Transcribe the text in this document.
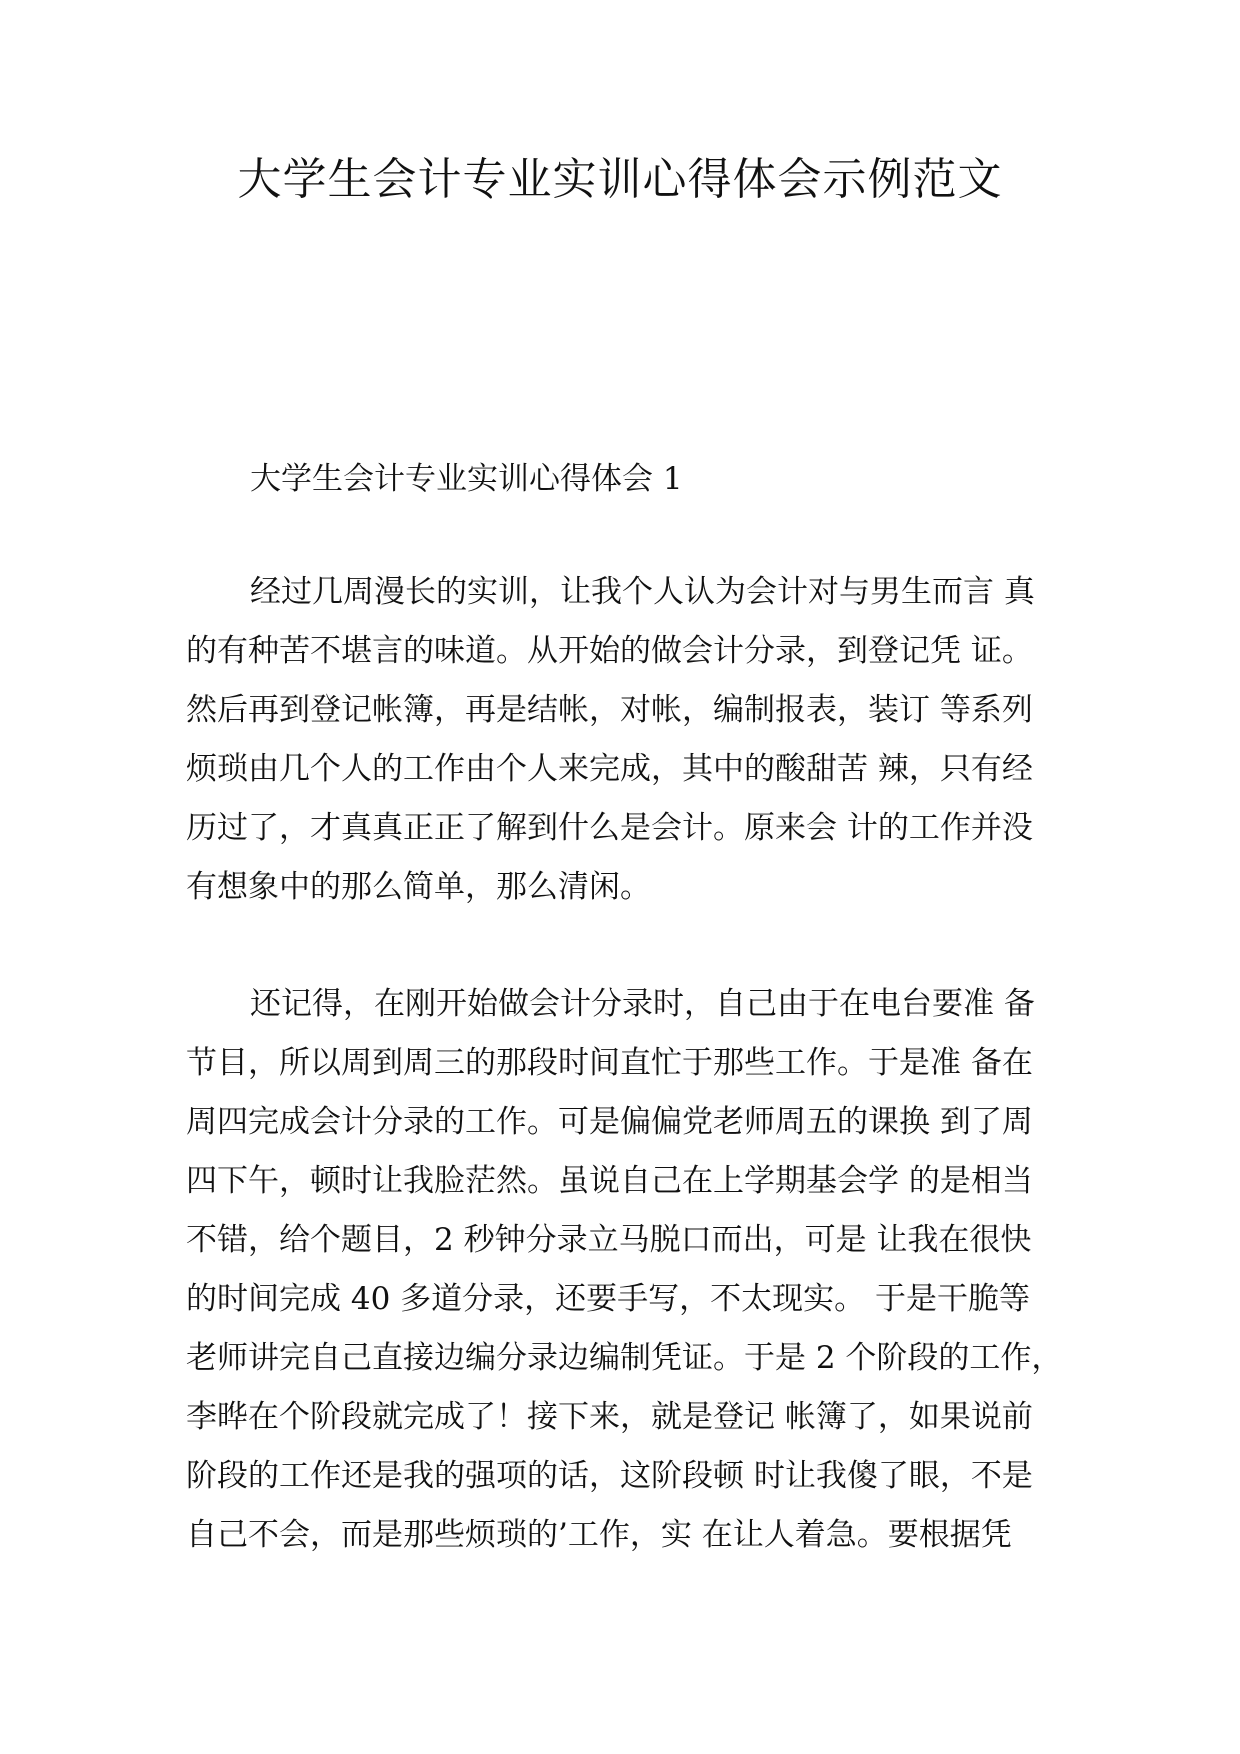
大学生会计专业实训心得体会示例范文
大学生会计专业实训心得体会 1
经过几周漫长的实训，让我个人认为会计对与男生而言 真
的有种苦不堪言的味道。从开始的做会计分录，到登记凭 证。
然后再到登记帐簿，再是结帐，对帐，编制报表，装订 等系列
烦琐由几个人的工作由个人来完成，其中的酸甜苦 辣，只有经
历过了，才真真正正了解到什么是会计。原来会 计的工作并没
有想象中的那么简单，那么清闲。
还记得，在刚开始做会计分录时，自己由于在电台要准 备
节目，所以周到周三的那段时间直忙于那些工作。于是准 备在
周四完成会计分录的工作。可是偏偏党老师周五的课换 到了周
四下午，顿时让我脸茫然。虽说自己在上学期基会学 的是相当
不错，给个题目，2 秒钟分录立马脱口而出，可是 让我在很快
的时间完成 40 多道分录，还要手写，不太现实。 于是干脆等
老师讲完自己直接边编分录边编制凭证。于是 2 个阶段的工作，
李晔在个阶段就完成了！接下来，就是登记 帐簿了，如果说前
阶段的工作还是我的强项的话，这阶段顿 时让我傻了眼，不是
自己不会，而是那些烦琐的’工作，实 在让人着急。要根据凭
